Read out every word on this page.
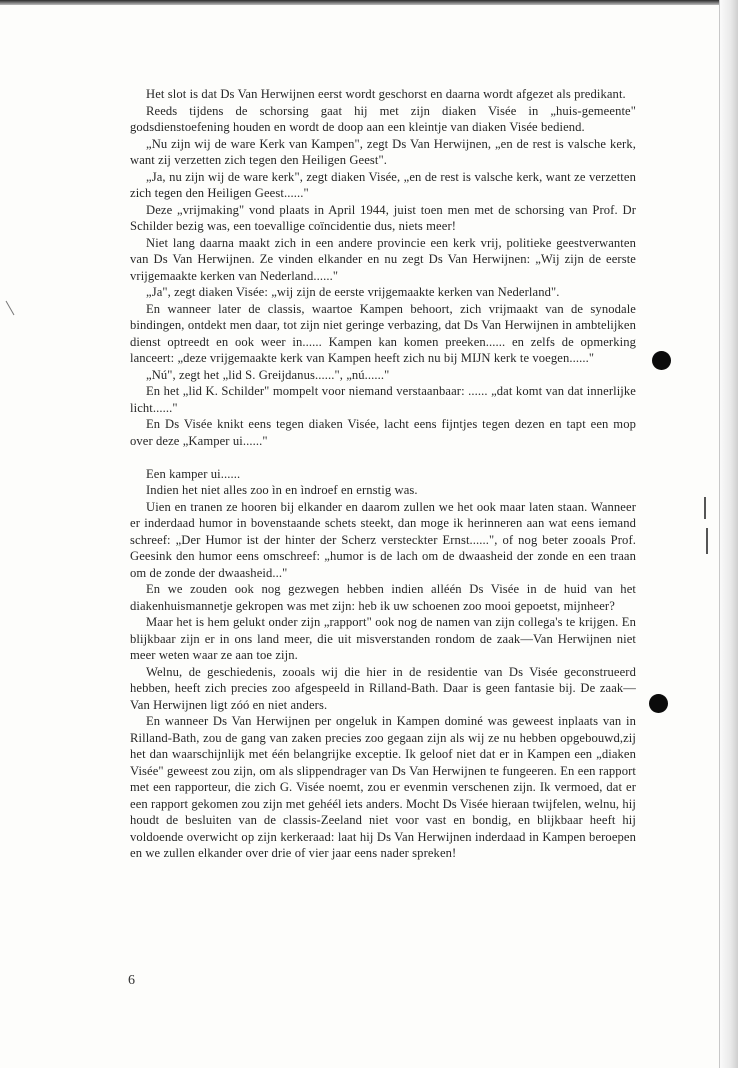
Het slot is dat Ds Van Herwijnen eerst wordt geschorst en daarna wordt afgezet als predikant.

Reeds tijdens de schorsing gaat hij met zijn diaken Visée in „huis-gemeente" godsdienstoefening houden en wordt de doop aan een kleintje van diaken Visée bediend.

„Nu zijn wij de ware Kerk van Kampen", zegt Ds Van Herwijnen, „en de rest is valsche kerk, want zij verzetten zich tegen den Heiligen Geest".

„Ja, nu zijn wij de ware kerk", zegt diaken Visée, „en de rest is valsche kerk, want ze verzetten zich tegen den Heiligen Geest......"

Deze „vrijmaking" vond plaats in April 1944, juist toen men met de schorsing van Prof. Dr Schilder bezig was, een toevallige coïncidentie dus, niets meer!

Niet lang daarna maakt zich in een andere provincie een kerk vrij, politieke geestverwanten van Ds Van Herwijnen. Ze vinden elkander en nu zegt Ds Van Herwijnen: „Wij zijn de eerste vrijgemaakte kerken van Nederland......"

„Ja", zegt diaken Visée: „wij zijn de eerste vrijgemaakte kerken van Nederland".

En wanneer later de classis, waartoe Kampen behoort, zich vrijmaakt van de synodale bindingen, ontdekt men daar, tot zijn niet geringe verbazing, dat Ds Van Herwijnen in ambtelijken dienst optreedt en ook weer in...... Kampen kan komen preeken...... en zelfs de opmerking lanceert: „deze vrijgemaakte kerk van Kampen heeft zich nu bij MIJN kerk te voegen......"

„Nú", zegt het „lid S. Greijdanus......", „nú......"

En het „lid K. Schilder" mompelt voor niemand verstaanbaar: ...... „dat komt van dat innerlijke licht......"

En Ds Visée knikt eens tegen diaken Visée, lacht eens fijntjes tegen dezen en tapt een mop over deze „Kamper ui......"

Een kamper ui......

Indien het niet alles zoo ìn en ìndroef en ernstig was.

Uien en tranen ze hooren bij elkander en daarom zullen we het ook maar laten staan. Wanneer er inderdaad humor in bovenstaande schets steekt, dan moge ik herinneren aan wat eens iemand schreef: „Der Humor ist der hinter der Scherz versteckter Ernst......", of nog beter zooals Prof. Geesink den humor eens omschreef: „humor is de lach om de dwaasheid der zonde en een traan om de zonde der dwaasheid..."

En we zouden ook nog gezwegen hebben indien alléén Ds Visée in de huid van het diakenhuismannetje gekropen was met zijn: heb ik uw schoenen zoo mooi gepoetst, mijnheer?

Maar het is hem gelukt onder zijn „rapport" ook nog de namen van zijn collega's te krijgen. En blijkbaar zijn er in ons land meer, die uit misverstanden rondom de zaak—Van Herwijnen niet meer weten waar ze aan toe zijn.

Welnu, de geschiedenis, zooals wij die hier in de residentie van Ds Visée geconstrueerd hebben, heeft zich precies zoo afgespeeld in Rilland-Bath. Daar is geen fantasie bij. De zaak—Van Herwijnen ligt zóó en niet anders.

En wanneer Ds Van Herwijnen per ongeluk in Kampen dominé was geweest inplaats van in Rilland-Bath, zou de gang van zaken precies zoo gegaan zijn als wij ze nu hebben opgebouwd,zij het dan waarschijnlijk met één belangrijke exceptie. Ik geloof niet dat er in Kampen een „diaken Visée" geweest zou zijn, om als slippendrager van Ds Van Herwijnen te fungeeren. En een rapport met een rapporteur, die zich G. Visée noemt, zou er evenmin verschenen zijn. Ik vermoed, dat er een rapport gekomen zou zijn met gehéél iets anders. Mocht Ds Visée hieraan twijfelen, welnu, hij houdt de besluiten van de classis-Zeeland niet voor vast en bondig, en blijkbaar heeft hij voldoende overwicht op zijn kerkeraad: laat hij Ds Van Herwijnen inderdaad in Kampen beroepen en we zullen elkander over drie of vier jaar eens nader spreken!

6
